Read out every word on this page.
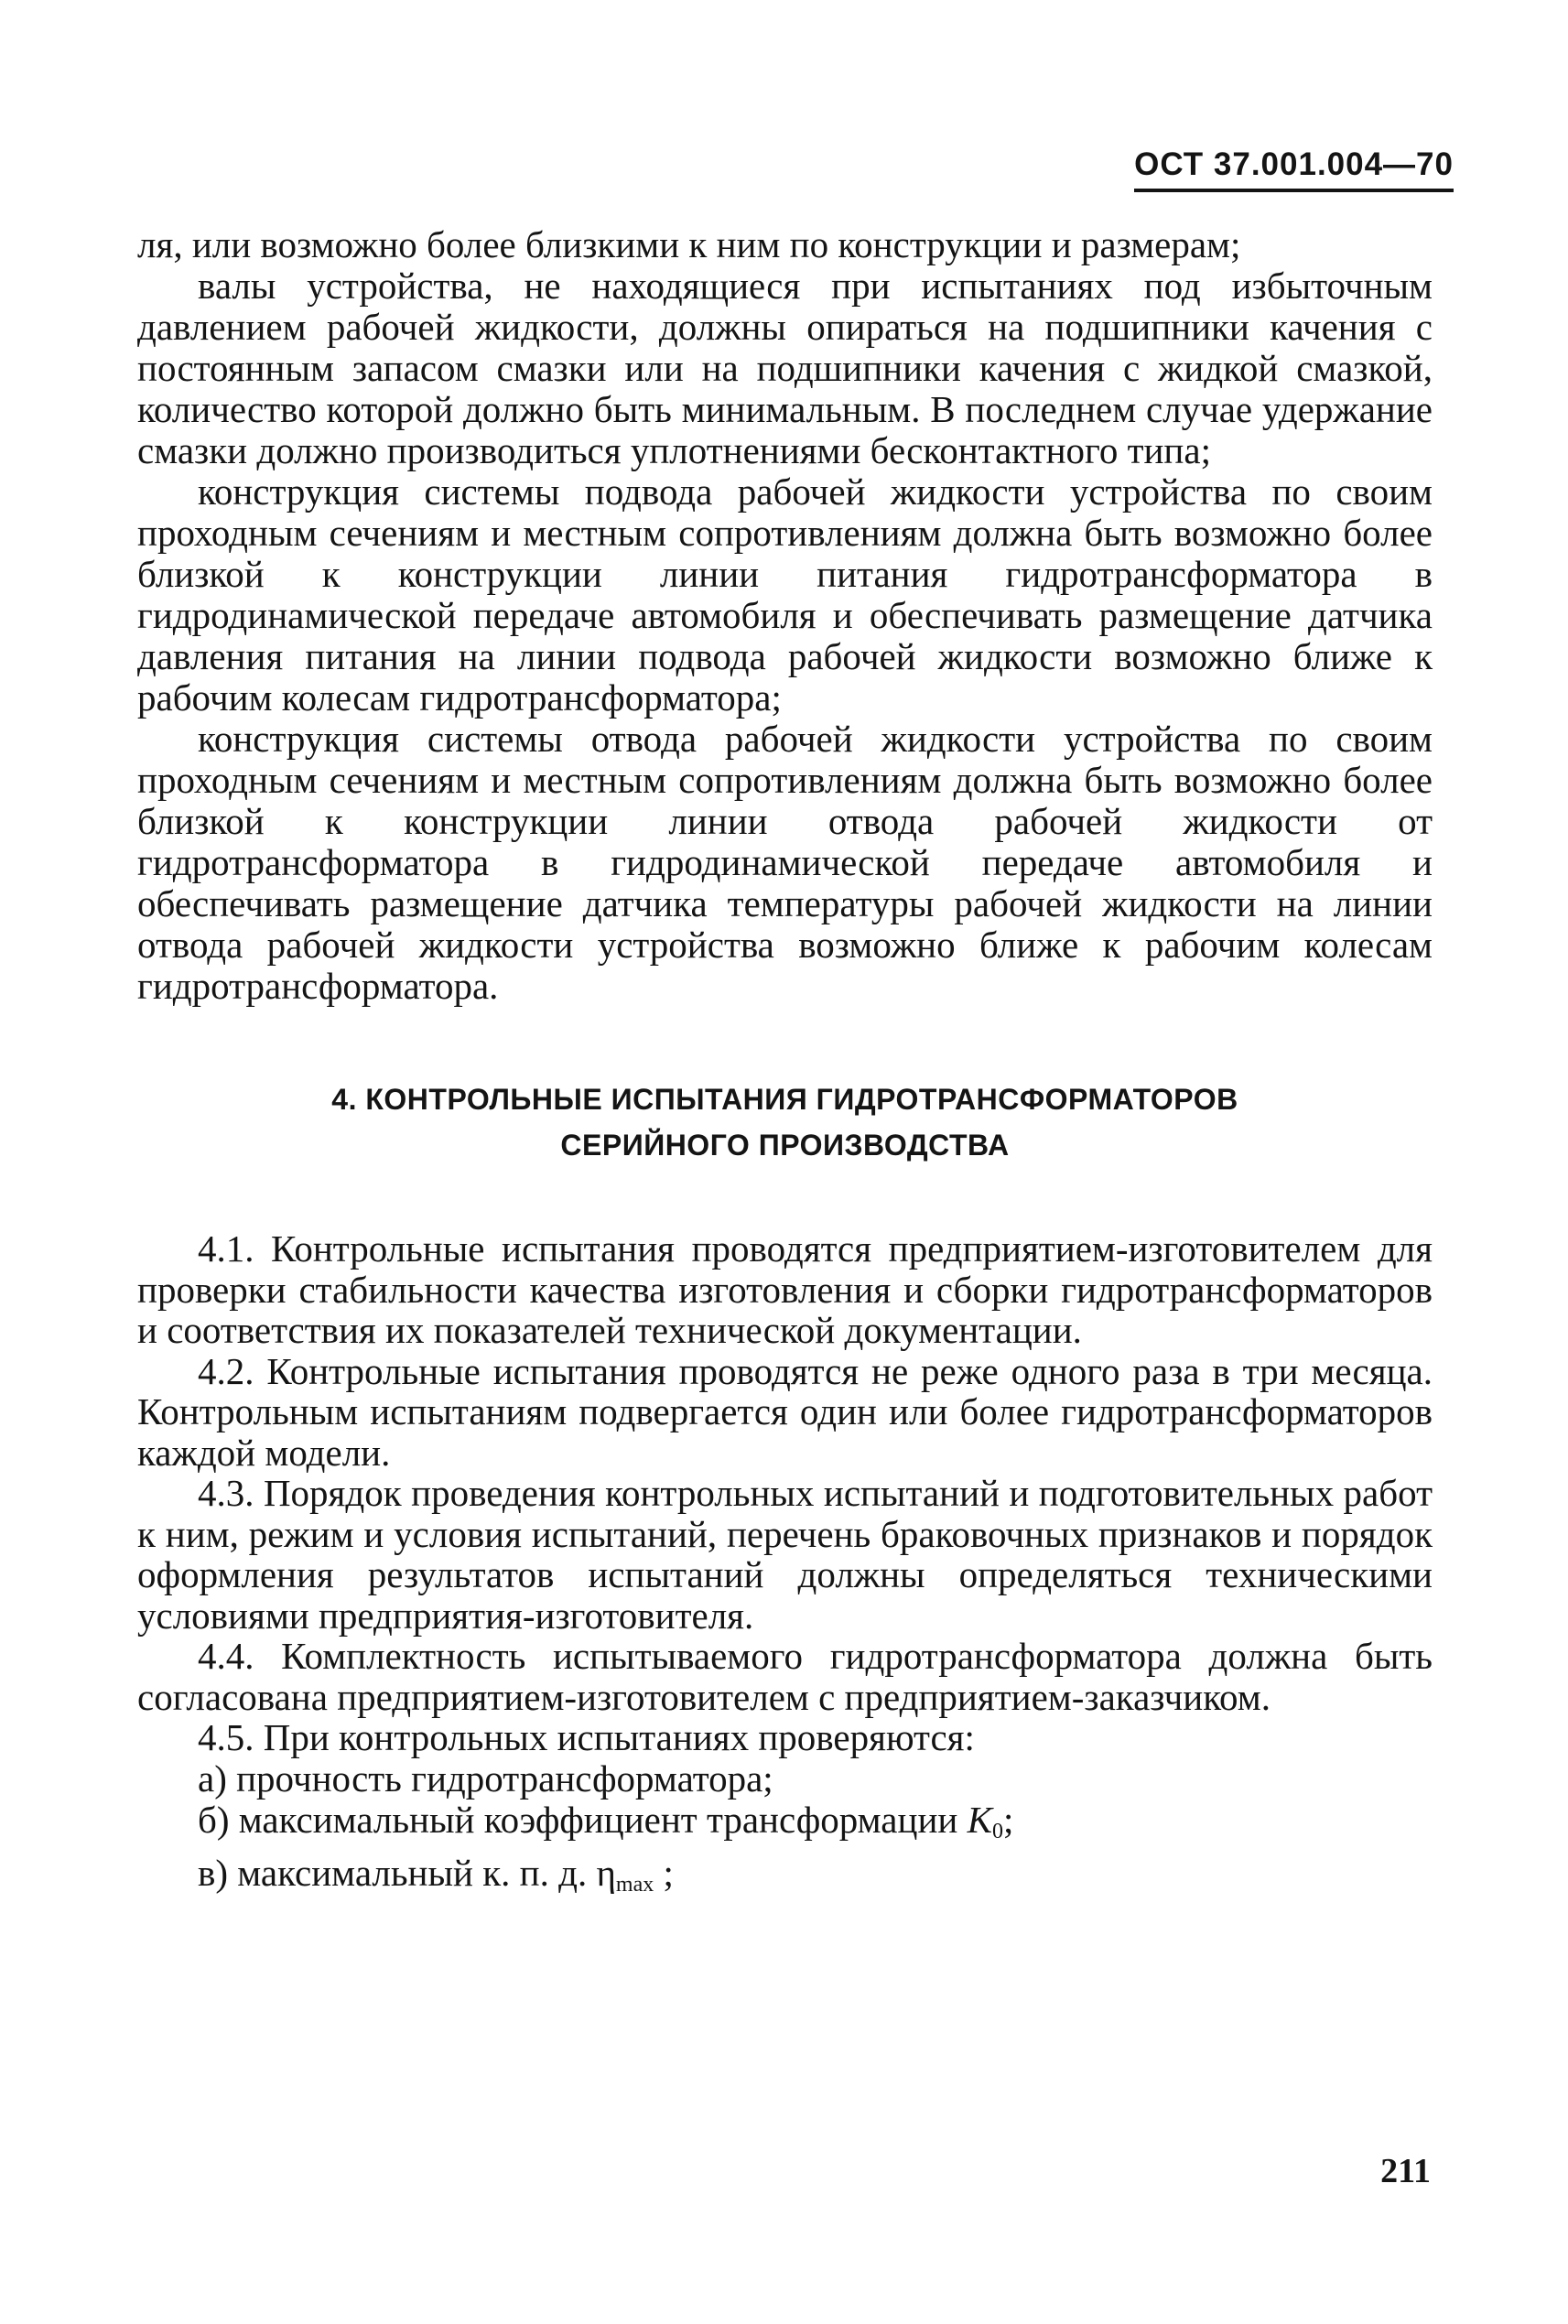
ОСТ 37.001.004—70

ля, или возможно более близкими к ним по конструкции и размерам;

валы устройства, не находящиеся при испытаниях под избыточным давлением рабочей жидкости, должны опираться на подшипники качения с постоянным запасом смазки или на подшипники качения с жидкой смазкой, количество которой должно быть минимальным. В последнем случае удержание смазки должно производиться уплотнениями бесконтактного типа;

конструкция системы подвода рабочей жидкости устройства по своим проходным сечениям и местным сопротивлениям должна быть возможно более близкой к конструкции линии питания гидротрансформатора в гидродинамической передаче автомобиля и обеспечивать размещение датчика давления питания на линии подвода рабочей жидкости возможно ближе к рабочим колесам гидротрансформатора;

конструкция системы отвода рабочей жидкости устройства по своим проходным сечениям и местным сопротивлениям должна быть возможно более близкой к конструкции линии отвода рабочей жидкости от гидротрансформатора в гидродинамической передаче автомобиля и обеспечивать размещение датчика температуры рабочей жидкости на линии отвода рабочей жидкости устройства возможно ближе к рабочим колесам гидротрансформатора.

4. КОНТРОЛЬНЫЕ ИСПЫТАНИЯ ГИДРОТРАНСФОРМАТОРОВ
СЕРИЙНОГО ПРОИЗВОДСТВА

4.1. Контрольные испытания проводятся предприятием-изготовителем для проверки стабильности качества изготовления и сборки гидротрансформаторов и соответствия их показателей технической документации.

4.2. Контрольные испытания проводятся не реже одного раза в три месяца. Контрольным испытаниям подвергается один или более гидротрансформаторов каждой модели.

4.3. Порядок проведения контрольных испытаний и подготовительных работ к ним, режим и условия испытаний, перечень браковочных признаков и порядок оформления результатов испытаний должны определяться техническими условиями предприятия-изготовителя.

4.4. Комплектность испытываемого гидротрансформатора должна быть согласована предприятием-изготовителем с предприятием-заказчиком.

4.5. При контрольных испытаниях проверяются:

а) прочность гидротрансформатора;

б) максимальный коэффициент трансформации $K_0$;

в) максимальный к. п. д. $\eta_{max}$ ;

211
